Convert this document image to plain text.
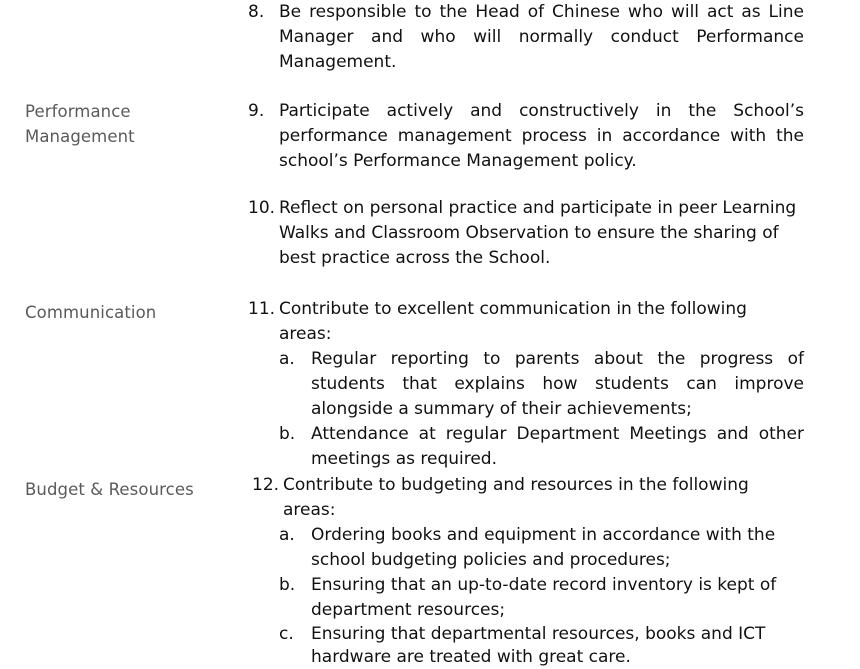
Performance
Management
Communication
Budget & Resources
8. Be responsible to the Head of Chinese who will act as Line Manager and who will normally conduct Performance Management.
9. Participate actively and constructively in the School’s performance management process in accordance with the school’s Performance Management policy.
10. Reflect on personal practice and participate in peer Learning Walks and Classroom Observation to ensure the sharing of best practice across the School.
11. Contribute to excellent communication in the following areas:
a. Regular reporting to parents about the progress of students that explains how students can improve alongside a summary of their achievements;
b. Attendance at regular Department Meetings and other meetings as required.
12. Contribute to budgeting and resources in the following areas:
a. Ordering books and equipment in accordance with the school budgeting policies and procedures;
b. Ensuring that an up-to-date record inventory is kept of department resources;
c. Ensuring that departmental resources, books and ICT hardware are treated with great care.
